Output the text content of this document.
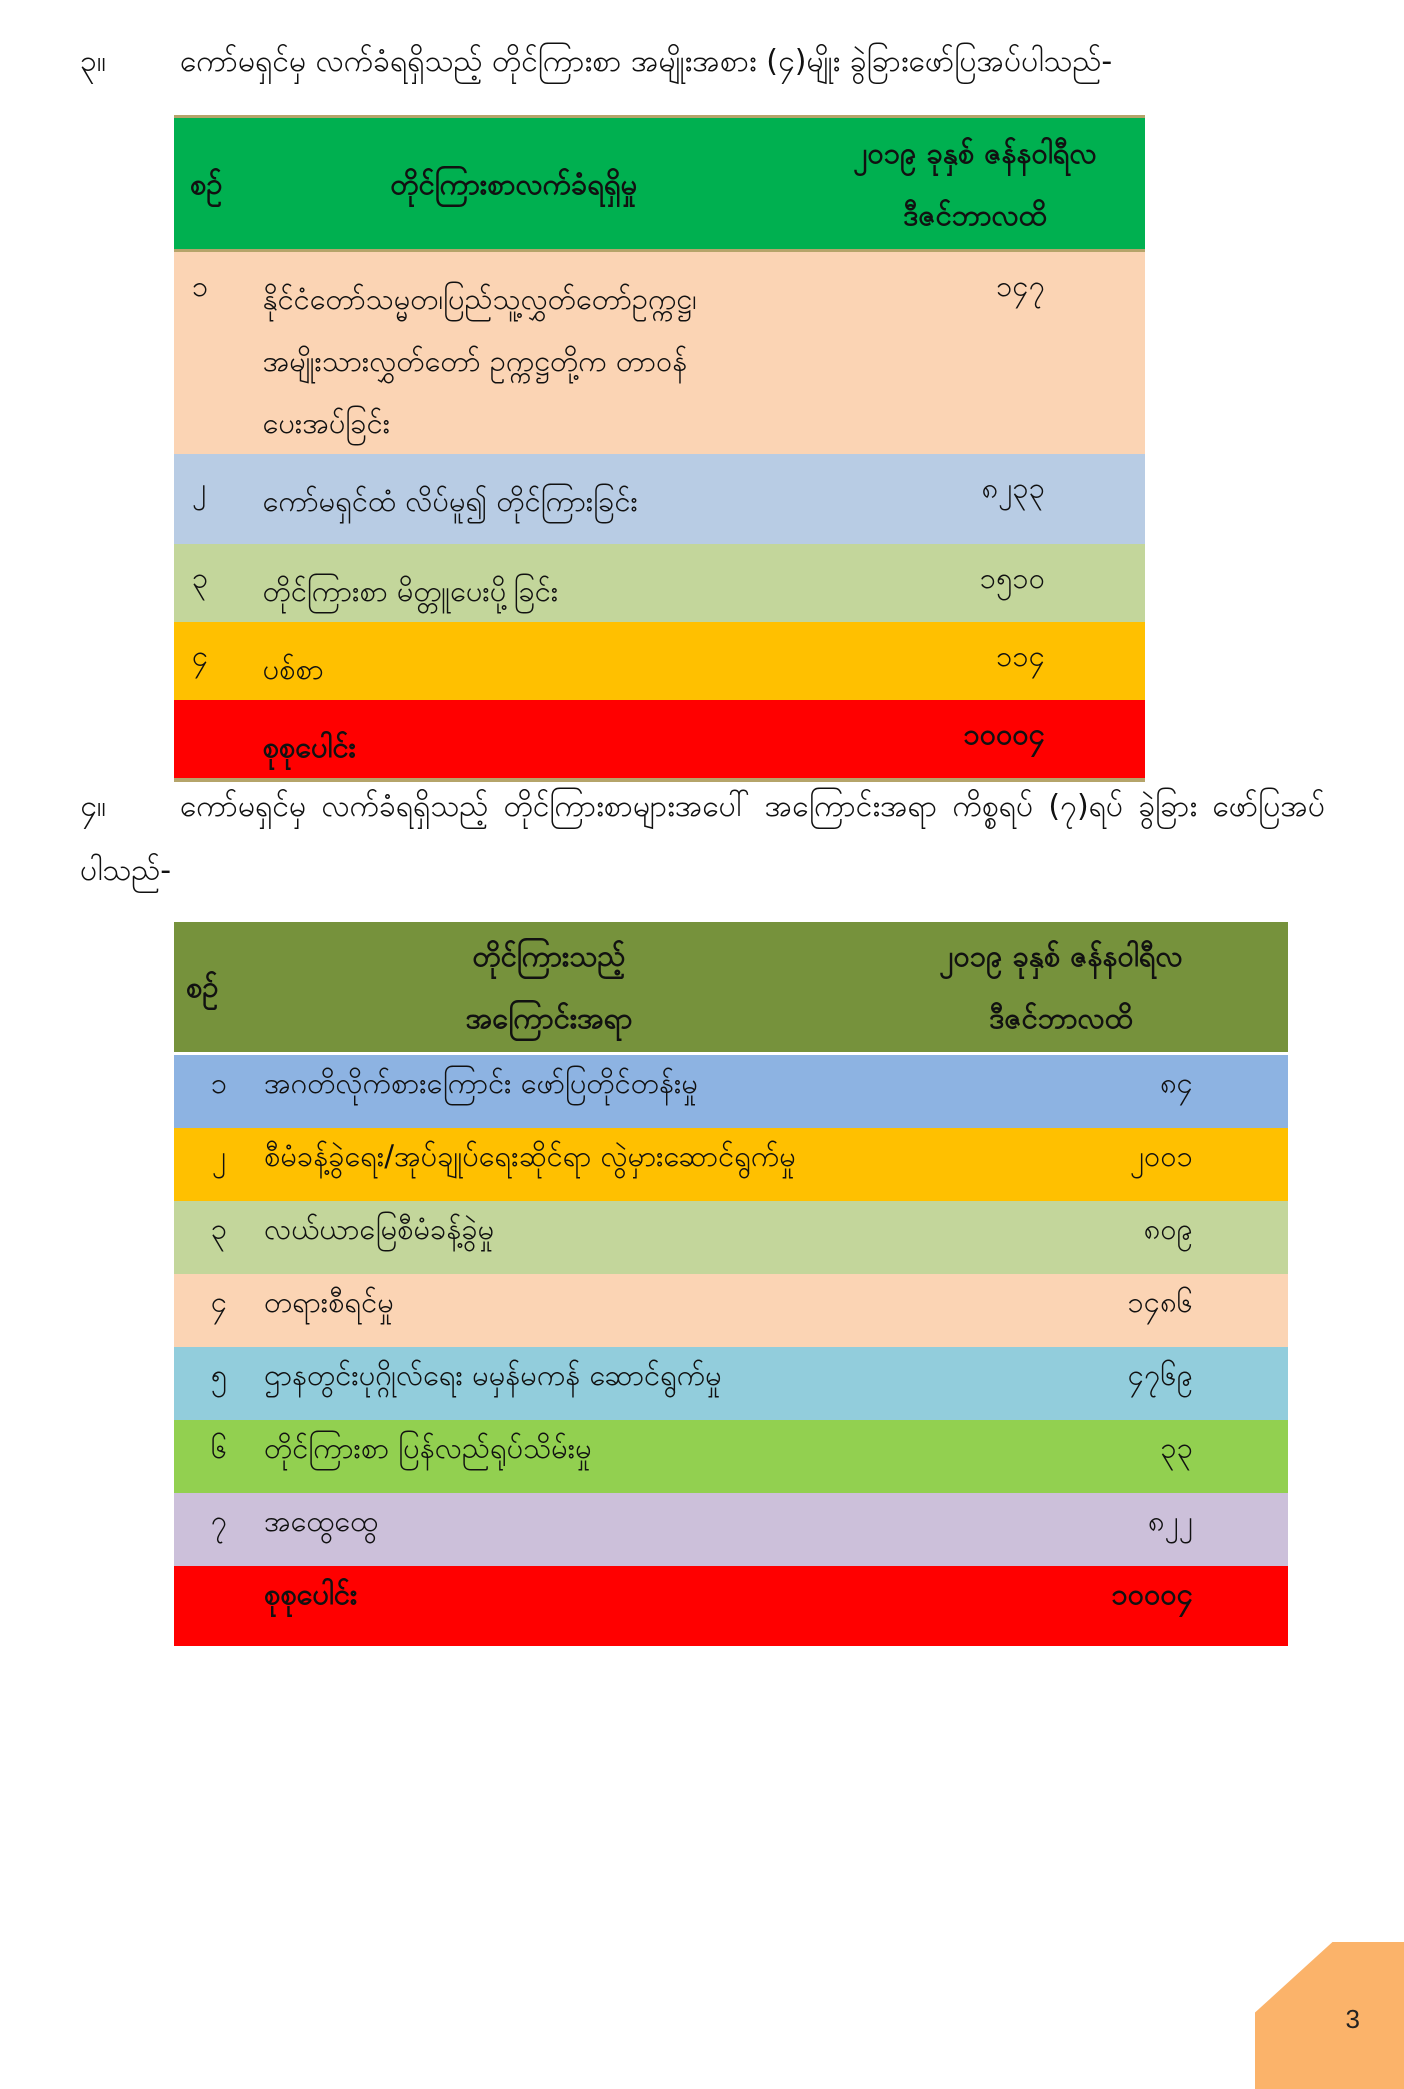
၃။ ကော်မရှင်မှ လက်ခံရရှိသည့် တိုင်ကြားစာ အမျိုးအစား (၄)မျိုး ခွဲခြားဖော်ပြအပ်ပါသည်-
စဉ်	တိုင်ကြားစာလက်ခံရရှိမှု	၂၀၁၉ ခုနှစ် ဇန်နဝါရီလ ဒီဇင်ဘာလထိ

၁	နိုင်ငံတော်သမ္မတ၊ပြည်သူ့လွှတ်တော်ဥက္ကဋ္ဌ၊ အမျိုးသားလွှတ်တော် ဥက္ကဋ္ဌတို့က တာဝန်ပေးအပ်ခြင်း	၁၄၇
၂	ကော်မရှင်ထံ လိပ်မူ၍ တိုင်ကြားခြင်း	၈၂၃၃
၃	တိုင်ကြားစာ မိတ္တူပေးပို့ခြင်း	၁၅၁၀
၄	ပစ်စာ	၁၁၄
	စုစုပေါင်း	၁၀၀၀၄
၄။ ကော်မရှင်မှ လက်ခံရရှိသည့် တိုင်ကြားစာများအပေါ် အကြောင်းအရာ ကိစ္စရပ် (၇)ရပ် ခွဲခြား ဖော်ပြအပ်ပါသည်-
စဉ်	တိုင်ကြားသည့် အကြောင်းအရာ	၂၀၁၉ ခုနှစ် ဇန်နဝါရီလ ဒီဇင်ဘာလထိ

၁	အဂတိလိုက်စားကြောင်း ဖော်ပြတိုင်တန်းမှု	၈၄
၂	စီမံခန့်ခွဲရေး/အုပ်ချုပ်ရေးဆိုင်ရာ လွဲမှားဆောင်ရွက်မှု	၂၀၀၁
၃	လယ်ယာမြေစီမံခန့်ခွဲမှု	၈၀၉
၄	တရားစီရင်မှု	၁၄၈၆
၅	ဌာနတွင်းပုဂ္ဂိုလ်ရေး မမှန်မကန် ဆောင်ရွက်မှု	၄၇၆၉
၆	တိုင်ကြားစာ ပြန်လည်ရုပ်သိမ်းမှု	၃၃
၇	အထွေထွေ	၈၂၂
	စုစုပေါင်း	၁၀၀၀၄
3
